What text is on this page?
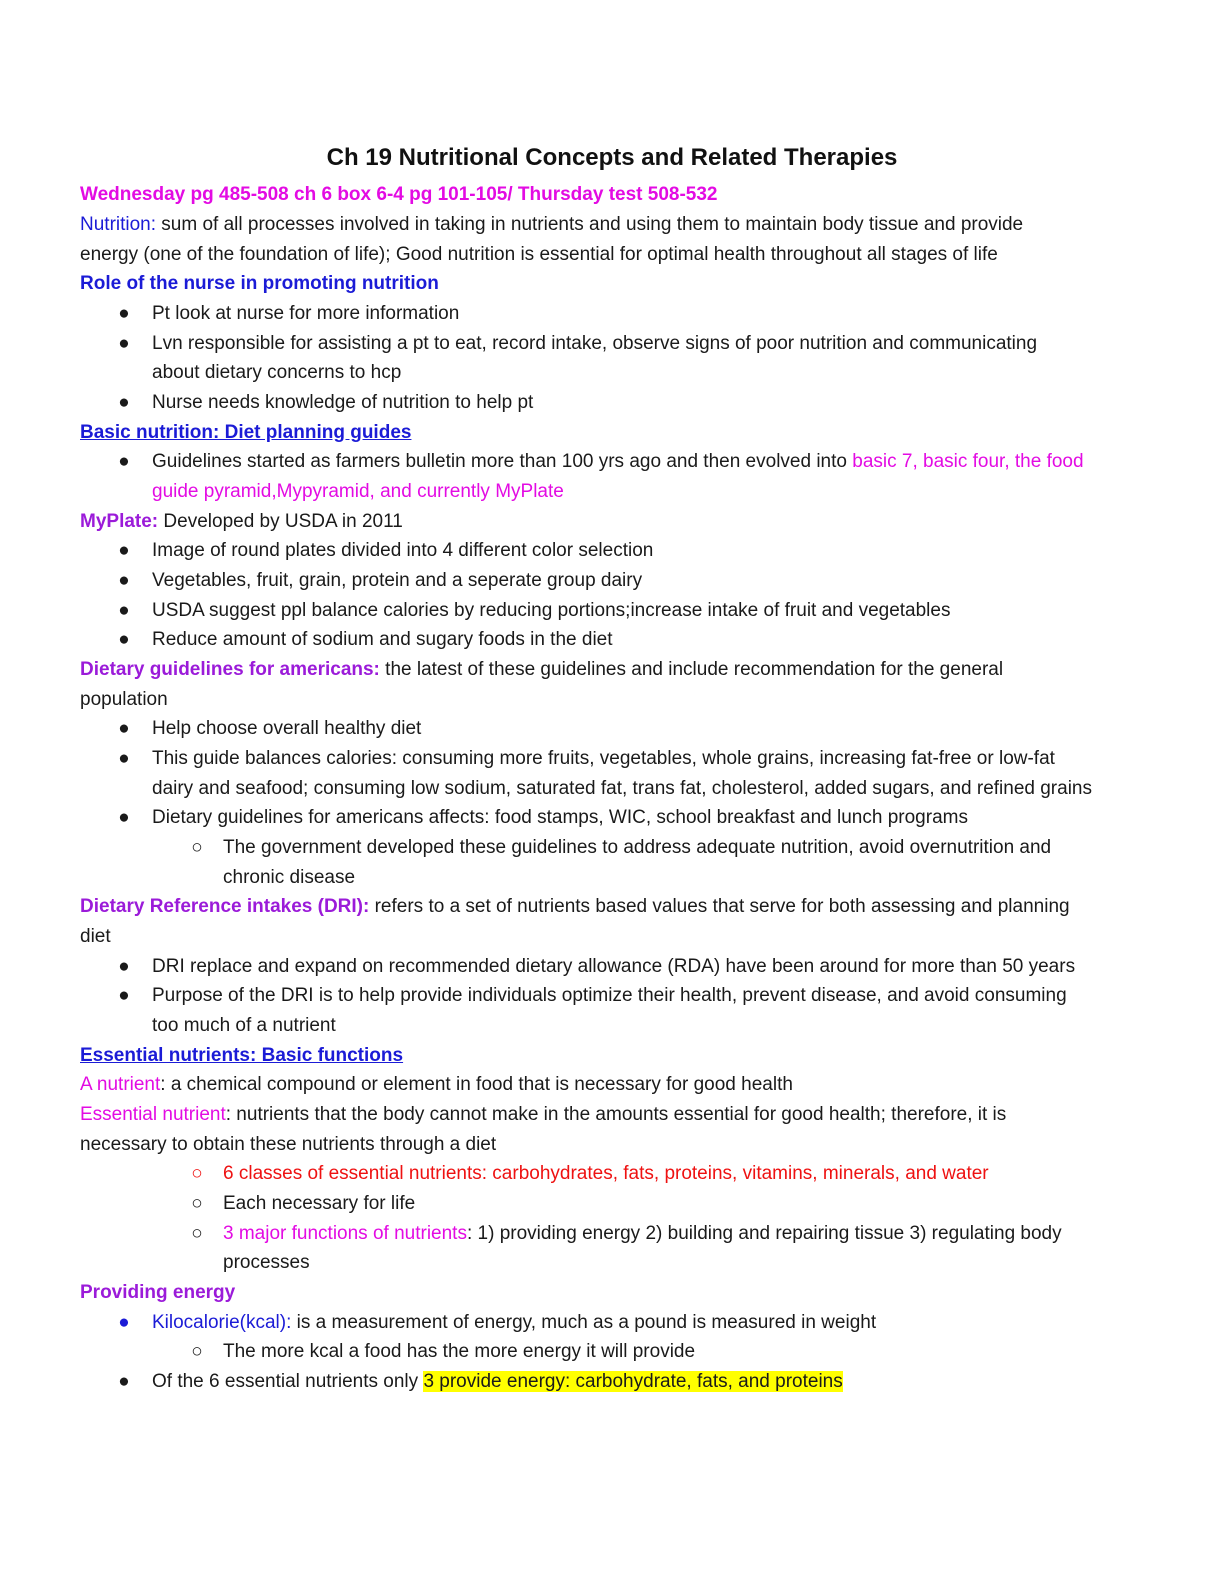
Ch 19 Nutritional Concepts and Related Therapies
Wednesday pg 485-508 ch 6 box 6-4 pg 101-105/ Thursday test 508-532
Nutrition: sum of all processes involved in taking in nutrients and using them to maintain body tissue and provide
energy (one of the foundation of life); Good nutrition is essential for optimal health throughout all stages of life
Role of the nurse in promoting nutrition
● Pt look at nurse for more information
● Lvn responsible for assisting a pt to eat, record intake, observe signs of poor nutrition and communicating
about dietary concerns to hcp
● Nurse needs knowledge of nutrition to help pt
Basic nutrition: Diet planning guides
● Guidelines started as farmers bulletin more than 100 yrs ago and then evolved into basic 7, basic four, the food
guide pyramid,Mypyramid, and currently MyPlate
MyPlate: Developed by USDA in 2011
● Image of round plates divided into 4 different color selection
● Vegetables, fruit, grain, protein and a seperate group dairy
● USDA suggest ppl balance calories by reducing portions;increase intake of fruit and vegetables
● Reduce amount of sodium and sugary foods in the diet
Dietary guidelines for americans: the latest of these guidelines and include recommendation for the general
population
● Help choose overall healthy diet
● This guide balances calories: consuming more fruits, vegetables, whole grains, increasing fat-free or low-fat
dairy and seafood; consuming low sodium, saturated fat, trans fat, cholesterol, added sugars, and refined grains
● Dietary guidelines for americans affects: food stamps, WIC, school breakfast and lunch programs
○ The government developed these guidelines to address adequate nutrition, avoid overnutrition and
chronic disease
Dietary Reference intakes (DRI): refers to a set of nutrients based values that serve for both assessing and planning
diet
● DRI replace and expand on recommended dietary allowance (RDA) have been around for more than 50 years
● Purpose of the DRI is to help provide individuals optimize their health, prevent disease, and avoid consuming
too much of a nutrient
Essential nutrients: Basic functions
A nutrient: a chemical compound or element in food that is necessary for good health
Essential nutrient: nutrients that the body cannot make in the amounts essential for good health; therefore, it is
necessary to obtain these nutrients through a diet
○ 6 classes of essential nutrients: carbohydrates, fats, proteins, vitamins, minerals, and water
○ Each necessary for life
○ 3 major functions of nutrients: 1) providing energy 2) building and repairing tissue 3) regulating body
processes
Providing energy
● Kilocalorie(kcal): is a measurement of energy, much as a pound is measured in weight
○ The more kcal a food has the more energy it will provide
● Of the 6 essential nutrients only 3 provide energy: carbohydrate, fats, and proteins
